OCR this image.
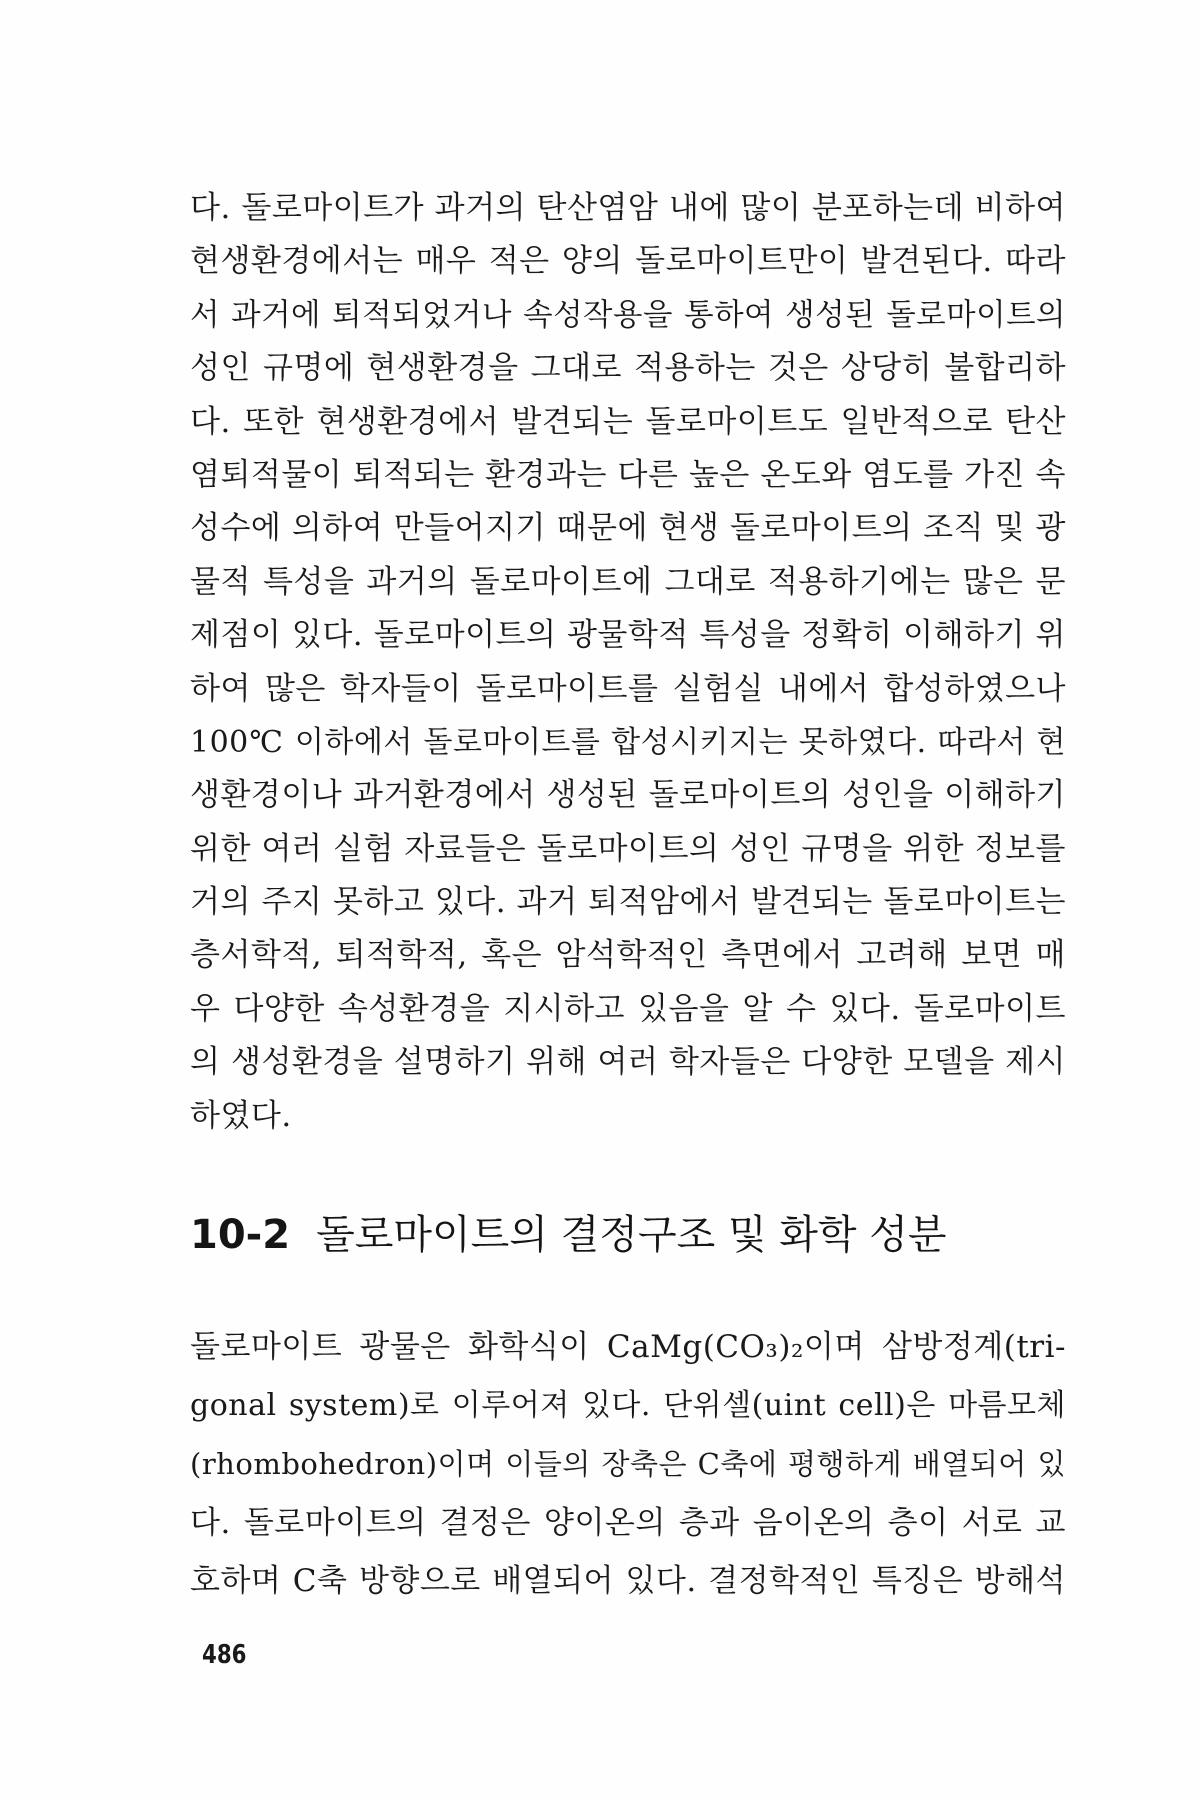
다. 돌로마이트가 과거의 탄산염암 내에 많이 분포하는데 비하여
현생환경에서는 매우 적은 양의 돌로마이트만이 발견된다. 따라
서 과거에 퇴적되었거나 속성작용을 통하여 생성된 돌로마이트의
성인 규명에 현생환경을 그대로 적용하는 것은 상당히 불합리하
다. 또한 현생환경에서 발견되는 돌로마이트도 일반적으로 탄산
염퇴적물이 퇴적되는 환경과는 다른 높은 온도와 염도를 가진 속
성수에 의하여 만들어지기 때문에 현생 돌로마이트의 조직 및 광
물적 특성을 과거의 돌로마이트에 그대로 적용하기에는 많은 문
제점이 있다. 돌로마이트의 광물학적 특성을 정확히 이해하기 위
하여 많은 학자들이 돌로마이트를 실험실 내에서 합성하였으나
100℃ 이하에서 돌로마이트를 합성시키지는 못하였다. 따라서 현
생환경이나 과거환경에서 생성된 돌로마이트의 성인을 이해하기
위한 여러 실험 자료들은 돌로마이트의 성인 규명을 위한 정보를
거의 주지 못하고 있다. 과거 퇴적암에서 발견되는 돌로마이트는
층서학적, 퇴적학적, 혹은 암석학적인 측면에서 고려해 보면 매
우 다양한 속성환경을 지시하고 있음을 알 수 있다. 돌로마이트
의 생성환경을 설명하기 위해 여러 학자들은 다양한 모델을 제시
하였다.
10-2 돌로마이트의 결정구조 및 화학 성분
돌로마이트 광물은 화학식이 CaMg(CO₃)₂이며 삼방정계(tri-
gonal system)로 이루어져 있다. 단위셀(uint cell)은 마름모체
(rhombohedron)이며 이들의 장축은 C축에 평행하게 배열되어 있
다. 돌로마이트의 결정은 양이온의 층과 음이온의 층이 서로 교
호하며 C축 방향으로 배열되어 있다. 결정학적인 특징은 방해석
486
